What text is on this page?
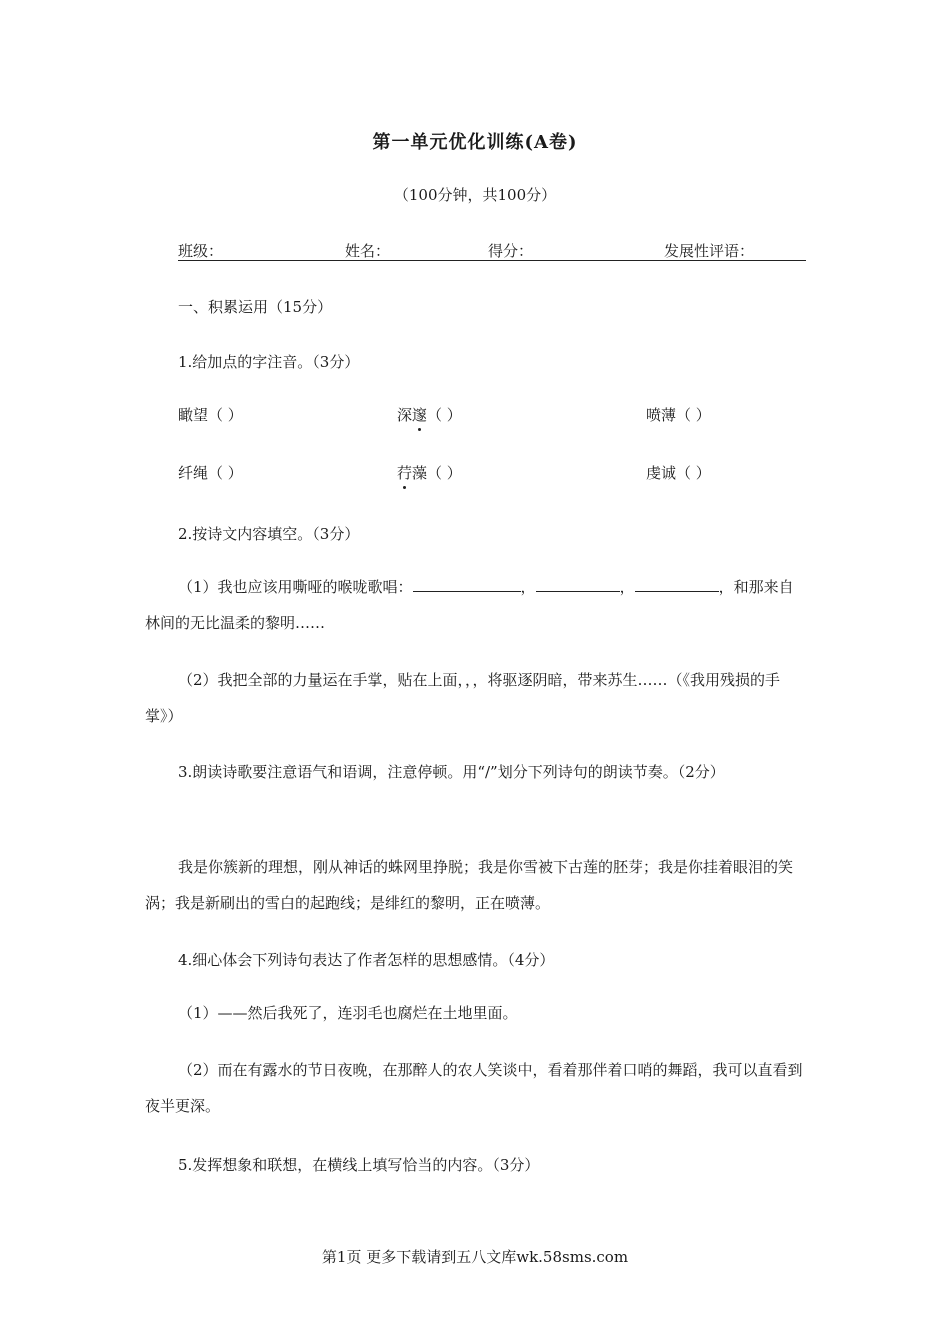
第一单元优化训练(A卷)
（100分钟，共100分）
班级：	姓名：	得分：	发展性评语：
一、积累运用（15分）
1.给加点的字注音。（3分）
瞰望（ ）	深邃（ ）	喷薄（ ）
纤绳（ ）	荇藻（ ）	虔诚（ ）
2.按诗文内容填空。（3分）
（1）我也应该用嘶哑的喉咙歌唱：	，	，	，和那来自林间的无比温柔的黎明……
（2）我把全部的力量运在手掌，贴在上面，，，将驱逐阴暗，带来苏生……（《我用残损的手掌》）
3.朗读诗歌要注意语气和语调，注意停顿。用“/”划分下列诗句的朗读节奏。（2分）
我是你簇新的理想，刚从神话的蛛网里挣脱；我是你雪被下古莲的胚芽；我是你挂着眼泪的笑涡；我是新刷出的雪白的起跑线；是绯红的黎明，正在喷薄。
4.细心体会下列诗句表达了作者怎样的思想感情。（4分）
（1）——然后我死了，连羽毛也腐烂在土地里面。
（2）而在有露水的节日夜晚，在那醉人的农人笑谈中，看着那伴着口哨的舞蹈，我可以直看到夜半更深。
5.发挥想象和联想，在横线上填写恰当的内容。（3分）
第1页 更多下载请到五八文库wk.58sms.com
